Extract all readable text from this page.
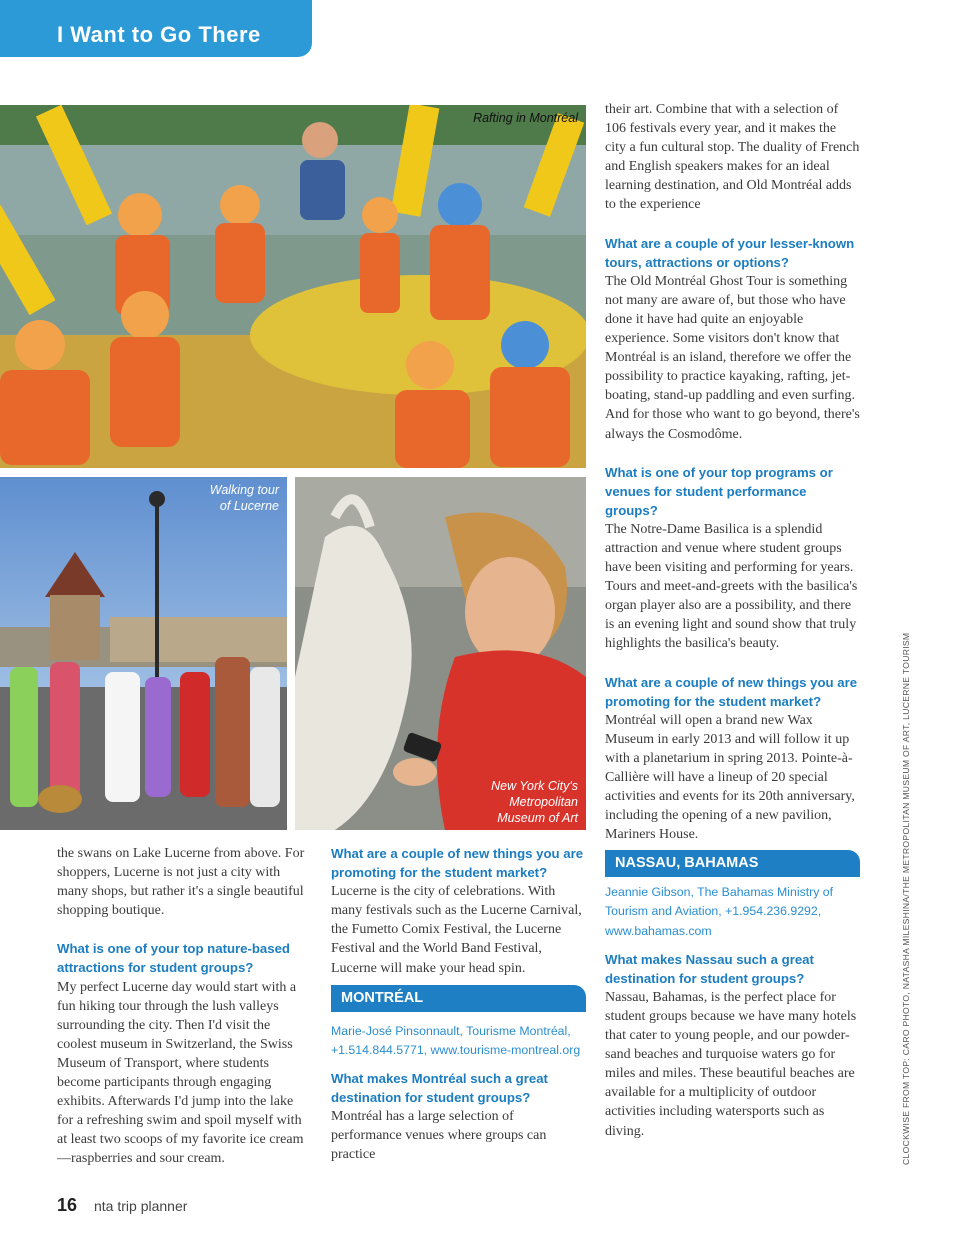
I Want to Go There
Rafting in Montréal
Walking tour
of Lucerne
New York City's
Metropolitan
Museum of Art

the swans on Lake Lucerne from above. For shoppers, Lucerne is not just a city with many shops, but rather it's a single beautiful shopping boutique.

What is one of your top nature-based attractions for student groups?

My perfect Lucerne day would start with a fun hiking tour through the lush valleys surrounding the city. Then I'd visit the coolest museum in Switzerland, the Swiss Museum of Transport, where students become participants through engaging exhibits. Afterwards I'd jump into the lake for a refreshing swim and spoil myself with at least two scoops of my favorite ice cream—raspberries and sour cream.

What are a couple of new things you are promoting for the student market?

Lucerne is the city of celebrations. With many festivals such as the Lucerne Carnival, the Fumetto Comix Festival, the Lucerne Festival and the World Band Festival, Lucerne will make your head spin.

MONTRÉAL

Marie-José Pinsonnault, Tourisme Montréal,
+1.514.844.5771, www.tourisme-montreal.org

What makes Montréal such a great destination for student groups?

Montréal has a large selection of performance venues where groups can practice

their art. Combine that with a selection of 106 festivals every year, and it makes the city a fun cultural stop. The duality of French and English speakers makes for an ideal learning destination, and Old Montréal adds to the experience

What are a couple of your lesser-known tours, attractions or options?

The Old Montréal Ghost Tour is something not many are aware of, but those who have done it have had quite an enjoyable experience. Some visitors don't know that Montréal is an island, therefore we offer the possibility to practice kayaking, rafting, jet-boating, stand-up paddling and even surfing. And for those who want to go beyond, there's always the Cosmodôme.

What is one of your top programs or venues for student performance groups?

The Notre-Dame Basilica is a splendid attraction and venue where student groups have been visiting and performing for years. Tours and meet-and-greets with the basilica's organ player also are a possibility, and there is an evening light and sound show that truly highlights the basilica's beauty.

What are a couple of new things you are promoting for the student market?

Montréal will open a brand new Wax Museum in early 2013 and will follow it up with a planetarium in spring 2013. Pointe-à-Callière will have a lineup of 20 special activities and events for its 20th anniversary, including the opening of a new pavilion, Mariners House.

NASSAU, BAHAMAS

Jeannie Gibson, The Bahamas Ministry of Tourism and Aviation, +1.954.236.9292,
www.bahamas.com

What makes Nassau such a great destination for student groups?

Nassau, Bahamas, is the perfect place for student groups because we have many hotels that cater to young people, and our powder-sand beaches and turquoise waters go for miles and miles. These beautiful beaches are available for a multiplicity of outdoor activities including watersports such as diving.	CLOCKWISE FROM TOP: CARO PHOTO, NATASHA MILESHINA/THE METROPOLITAN MUSEUM OF ART, LUCERNE TOURISM
16 nta trip planner
